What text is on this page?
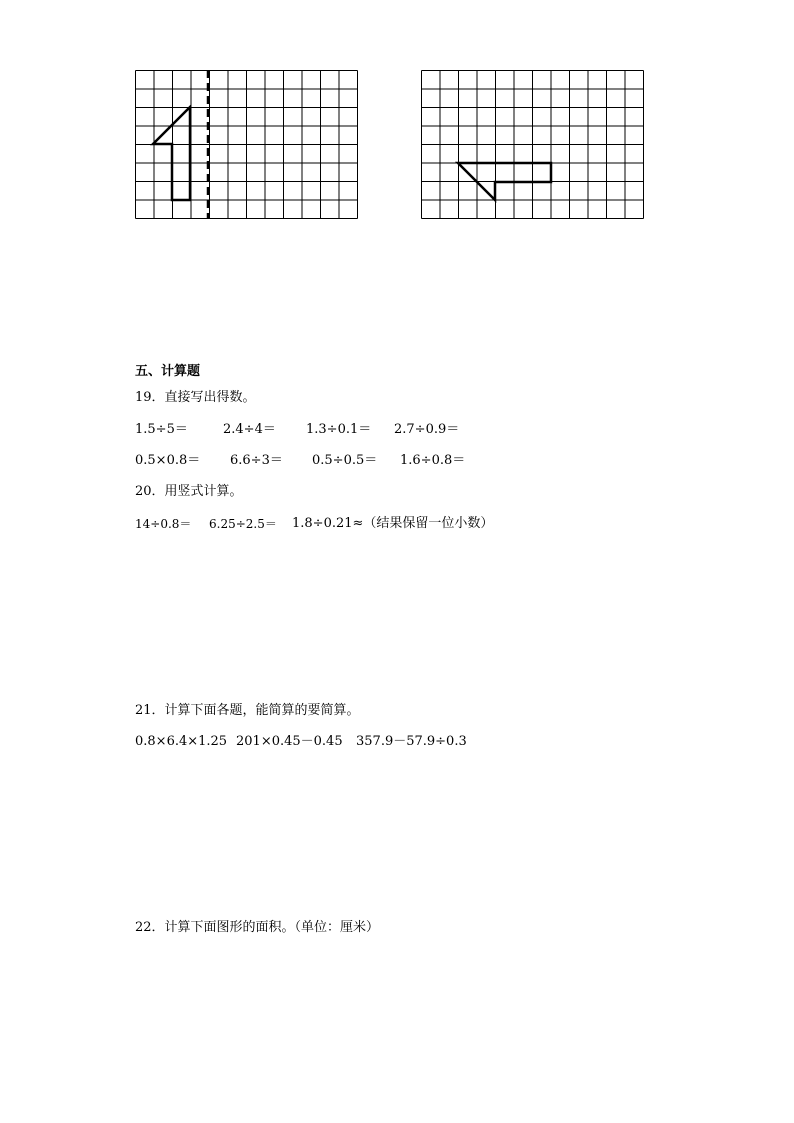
五、计算题
19．直接写出得数。
1.5÷5＝	2.4÷4＝ 1.3÷0.1＝ 2.7÷0.9＝
0.5×0.8＝ 6.6÷3＝ 0.5÷0.5＝ 1.6÷0.8＝
20．用竖式计算。
14÷0.8＝ 6.25÷2.5＝ 1.8÷0.21≈（结果保留一位小数）
21．计算下面各题，能简算的要简算。
0.8×6.4×1.25 201×0.45－0.45 357.9－57.9÷0.3
22．计算下面图形的面积。（单位：厘米）
